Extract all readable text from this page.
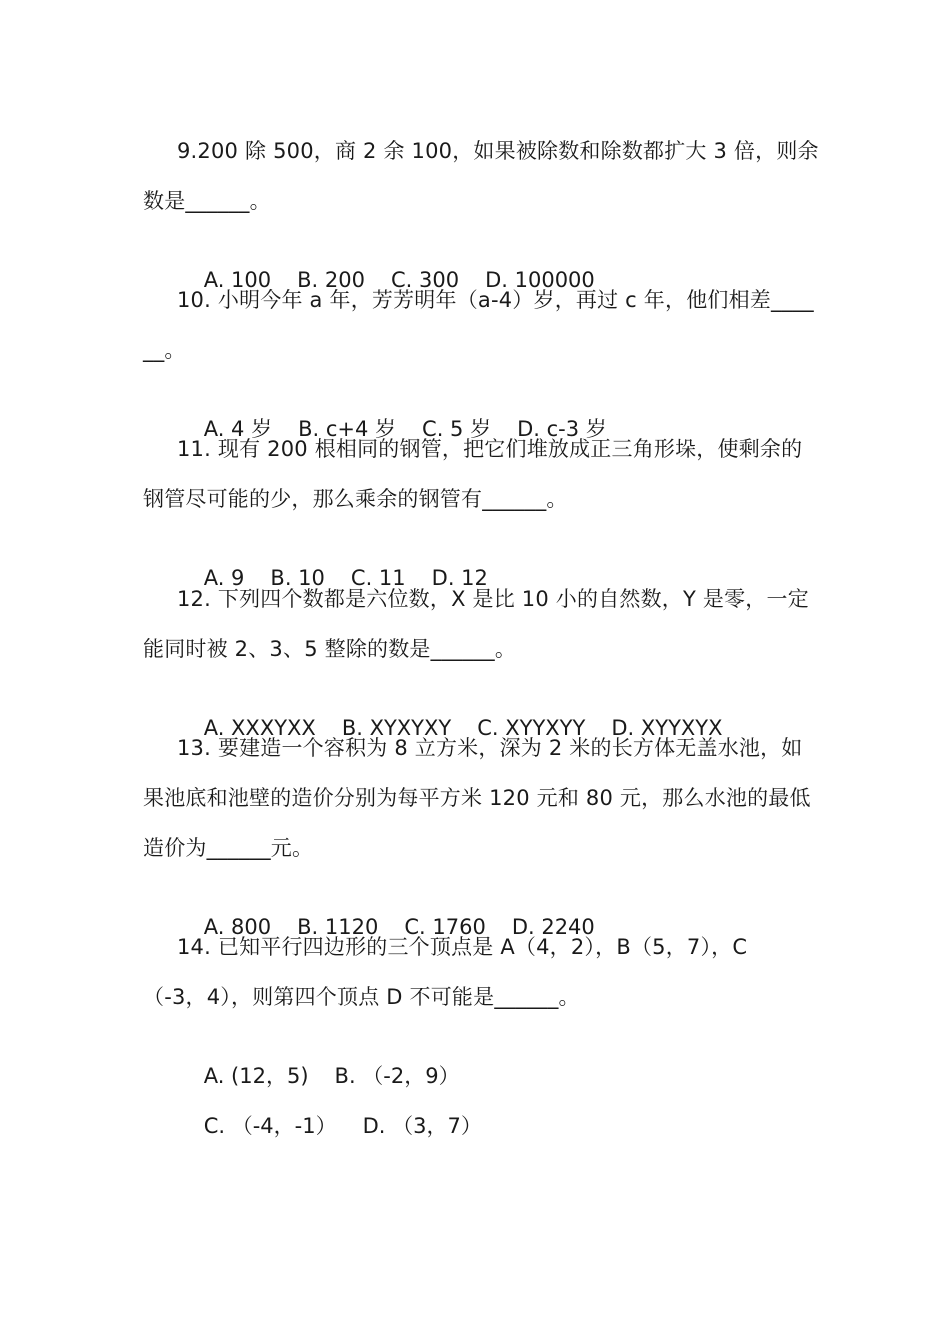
9.200 除 500，商 2 余 100，如果被除数和除数都扩大 3 倍，则余
数是______。

A. 100 B. 200 C. 300 D. 100000

10. 小明今年 a 年，芳芳明年（a-4）岁，再过 c 年，他们相差____
__。

A. 4 岁 B. c+4 岁 C. 5 岁 D. c-3 岁

11. 现有 200 根相同的钢管，把它们堆放成正三角形垛，使剩余的
钢管尽可能的少，那么乘余的钢管有______。

A. 9 B. 10 C. 11 D. 12

12. 下列四个数都是六位数，X 是比 10 小的自然数，Y 是零，一定
能同时被 2、3、5 整除的数是______。

A. XXXYXX B. XYXYXY C. XYYXYY D. XYYXYX

13. 要建造一个容积为 8 立方米，深为 2 米的长方体无盖水池，如
果池底和池壁的造价分别为每平方米 120 元和 80 元，那么水池的最低
造价为______元。

A. 800 B. 1120 C. 1760 D. 2240

14. 已知平行四边形的三个顶点是 A（4，2），B（5，7），C
（-3，4），则第四个顶点 D 不可能是______。

A. (12，5) B. （-2，9）

C. （-4，-1） D. （3，7）
